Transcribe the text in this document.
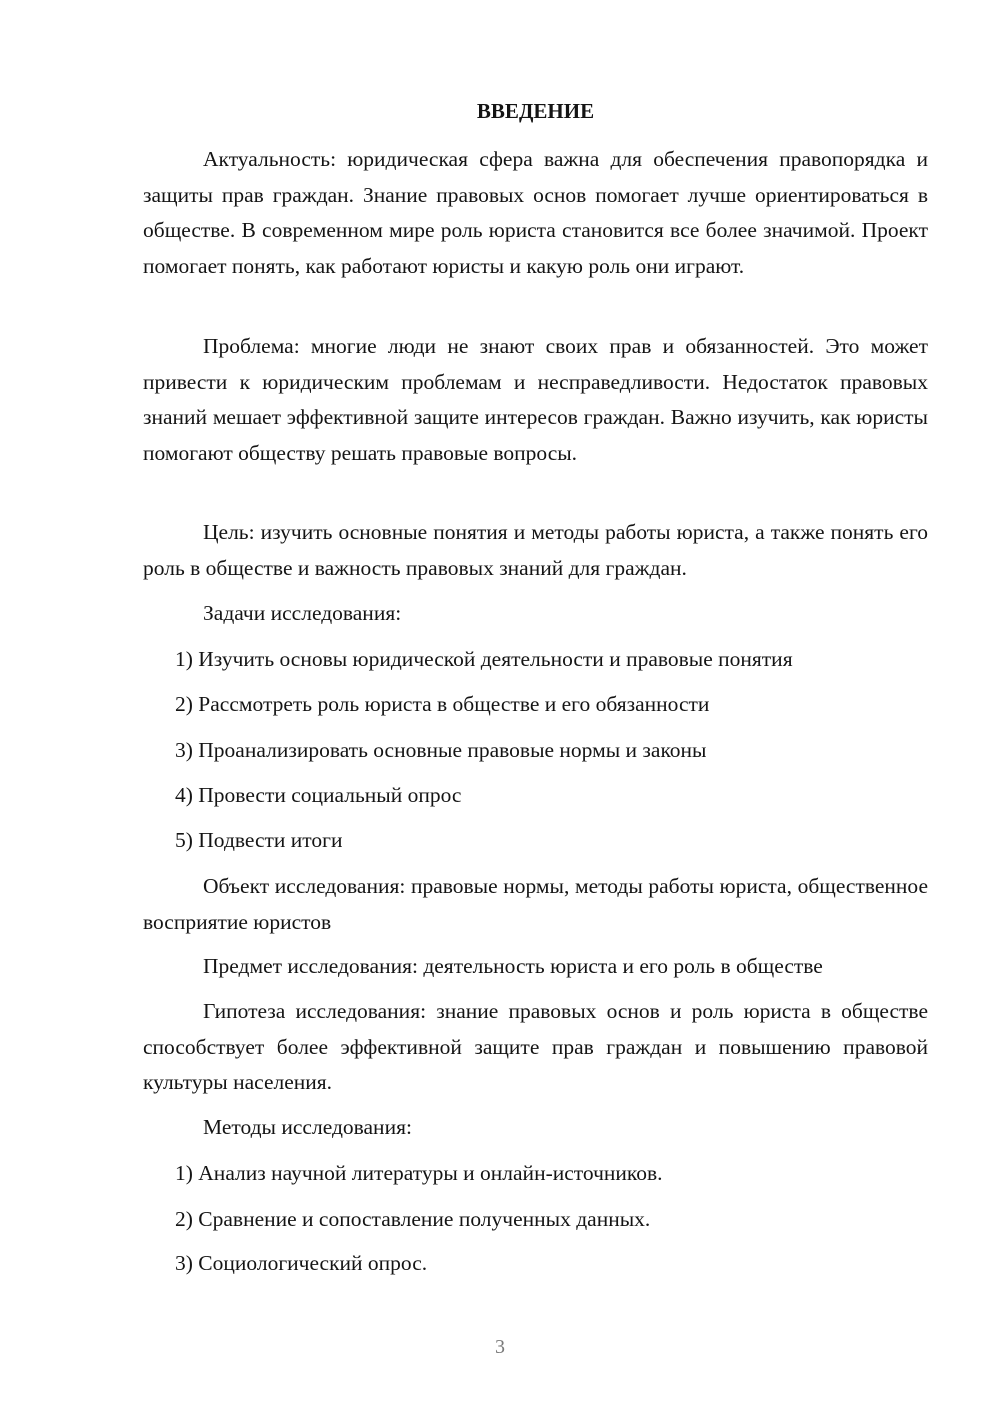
ВВЕДЕНИЕ
Актуальность: юридическая сфера важна для обеспечения правопорядка и защиты прав граждан. Знание правовых основ помогает лучше ориентироваться в обществе. В современном мире роль юриста становится все более значимой. Проект помогает понять, как работают юристы и какую роль они играют.
Проблема: многие люди не знают своих прав и обязанностей. Это может привести к юридическим проблемам и несправедливости. Недостаток правовых знаний мешает эффективной защите интересов граждан. Важно изучить, как юристы помогают обществу решать правовые вопросы.
Цель: изучить основные понятия и методы работы юриста, а также понять его роль в обществе и важность правовых знаний для граждан.
Задачи исследования:
1) Изучить основы юридической деятельности и правовые понятия
2) Рассмотреть роль юриста в обществе и его обязанности
3) Проанализировать основные правовые нормы и законы
4) Провести социальный опрос
5) Подвести итоги
Объект исследования: правовые нормы, методы работы юриста, общественное восприятие юристов
Предмет исследования: деятельность юриста и его роль в обществе
Гипотеза исследования: знание правовых основ и роль юриста в обществе способствует более эффективной защите прав граждан и повышению правовой культуры населения.
Методы исследования:
1) Анализ научной литературы и онлайн-источников.
2) Сравнение и сопоставление полученных данных.
3) Социологический опрос.
3
